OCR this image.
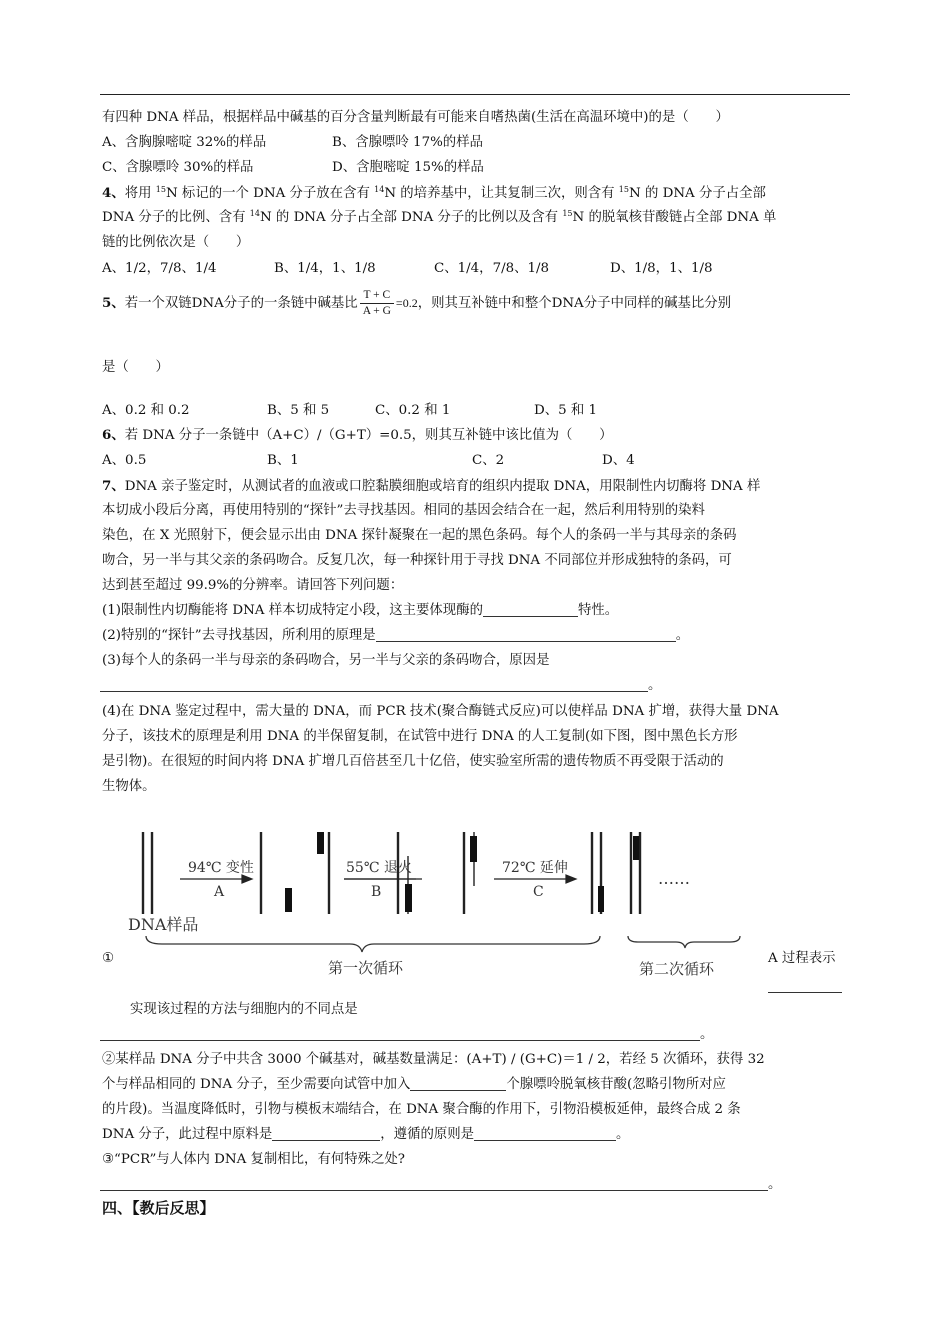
有四种 DNA 样品，根据样品中碱基的百分含量判断最有可能来自嗜热菌(生活在高温环境中)的是（　　）
A、含胸腺嘧啶 32%的样品	B、含腺嘌呤 17%的样品
C、含腺嘌呤 30%的样品	D、含胞嘧啶 15%的样品
4、将用 $^{15}$N 标记的一个 DNA 分子放在含有 $^{14}$N 的培养基中，让其复制三次，则含有 $^{15}$N 的 DNA 分子占全部
DNA 分子的比例、含有 $^{14}$N 的 DNA 分子占全部 DNA 分子的比例以及含有 $^{15}$N 的脱氧核苷酸链占全部 DNA 单
链的比例依次是（　　）
A、1/2，7/8、1/4	B、1/4，1、1/8	C、1/4，7/8、1/8	D、1/8，1、1/8
5、若一个双链DNA分子的一条链中碱基比 $\frac{T + C}{A + G} =0.2$，则其互补链中和整个DNA分子中同样的碱基比分别
是（　　）
A、0.2 和 0.2	B、5 和 5	C、0.2 和 1	D、5 和 1
6、若 DNA 分子一条链中（A+C）/（G+T）=0.5，则其互补链中该比值为（　　）
A、0.5	B、1	C、2	D、4
7、DNA 亲子鉴定时，从测试者的血液或口腔黏膜细胞或培育的组织内提取 DNA，用限制性内切酶将 DNA 样
本切成小段后分离，再使用特别的“探针”去寻找基因。相同的基因会结合在一起，然后利用特别的染料
染色，在 X 光照射下，便会显示出由 DNA 探针凝聚在一起的黑色条码。每个人的条码一半与其母亲的条码
吻合，另一半与其父亲的条码吻合。反复几次，每一种探针用于寻找 DNA 不同部位并形成独特的条码，可
达到甚至超过 99.9%的分辨率。请回答下列问题：
(1)限制性内切酶能将 DNA 样本切成特定小段，这主要体现酶的	特性。
(2)特别的“探针”去寻找基因，所利用的原理是	。
(3)每个人的条码一半与母亲的条码吻合，另一半与父亲的条码吻合，原因是
。
(4)在 DNA 鉴定过程中，需大量的 DNA，而 PCR 技术(聚合酶链式反应)可以使样品 DNA 扩增，获得大量 DNA
分子，该技术的原理是利用 DNA 的半保留复制，在试管中进行 DNA 的人工复制(如下图，图中黑色长方形
是引物)。在很短的时间内将 DNA 扩增几百倍甚至几十亿倍，使实验室所需的遗传物质不再受限于活动的
生物体。
94℃ 变性
A
55℃ 退火
B
72℃ 延伸
C
……
DNA样品
第一次循环	第二次循环
①	A 过程表示
实现该过程的方法与细胞内的不同点是
。
②某样品 DNA 分子中共含 3000 个碱基对，碱基数量满足：(A+T) / (G+C)＝1 / 2，若经 5 次循环，获得 32
个与样品相同的 DNA 分子，至少需要向试管中加入	个腺嘌呤脱氧核苷酸(忽略引物所对应
的片段)。当温度降低时，引物与模板末端结合，在 DNA 聚合酶的作用下，引物沿模板延伸，最终合成 2 条
DNA 分子，此过程中原料是	，遵循的原则是	。
③“PCR”与人体内 DNA 复制相比，有何特殊之处?
。
四、【教后反思】
